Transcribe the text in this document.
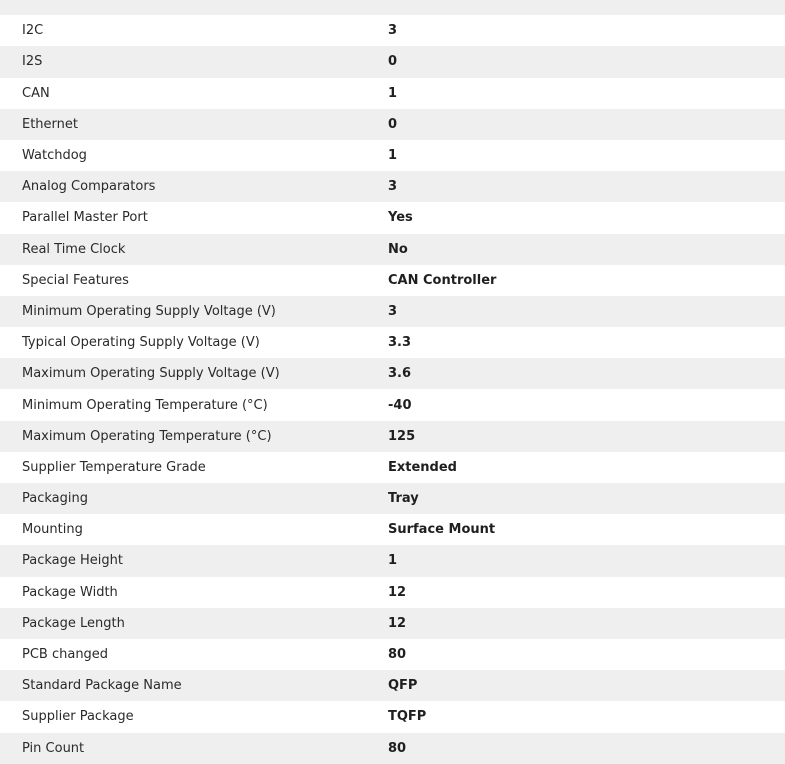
I2C	3
I2S	0
CAN	1
Ethernet	0
Watchdog	1
Analog Comparators	3
Parallel Master Port	Yes
Real Time Clock	No
Special Features	CAN Controller
Minimum Operating Supply Voltage (V)	3
Typical Operating Supply Voltage (V)	3.3
Maximum Operating Supply Voltage (V)	3.6
Minimum Operating Temperature (°C)	-40
Maximum Operating Temperature (°C)	125
Supplier Temperature Grade	Extended
Packaging	Tray
Mounting	Surface Mount
Package Height	1
Package Width	12
Package Length	12
PCB changed	80
Standard Package Name	QFP
Supplier Package	TQFP
Pin Count	80
